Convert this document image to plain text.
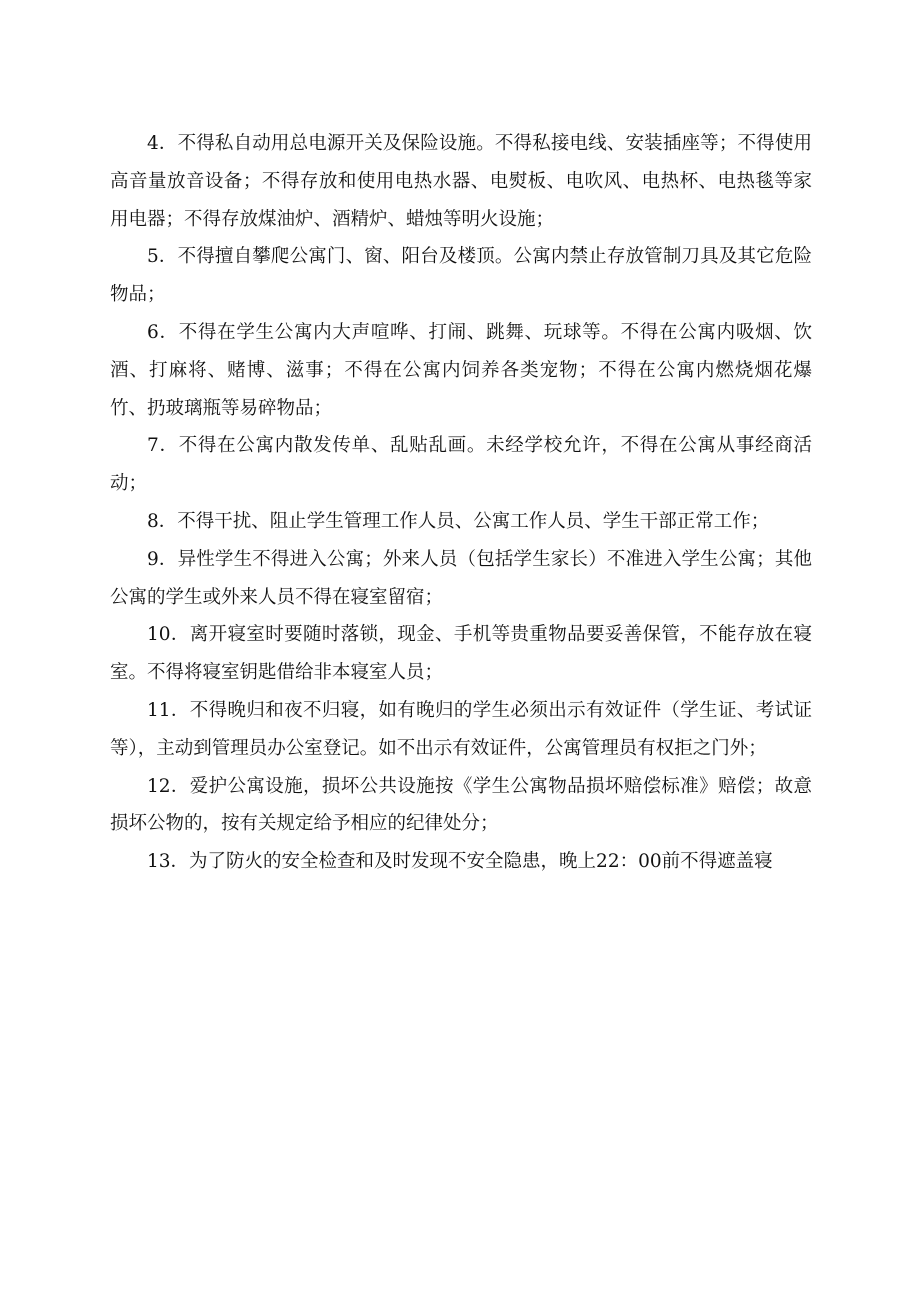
4．不得私自动用总电源开关及保险设施。不得私接电线、安装插座等；不得使用高音量放音设备；不得存放和使用电热水器、电熨板、电吹风、电热杯、电热毯等家用电器；不得存放煤油炉、酒精炉、蜡烛等明火设施；

5．不得擅自攀爬公寓门、窗、阳台及楼顶。公寓内禁止存放管制刀具及其它危险物品；

6．不得在学生公寓内大声喧哗、打闹、跳舞、玩球等。不得在公寓内吸烟、饮酒、打麻将、赌博、滋事；不得在公寓内饲养各类宠物；不得在公寓内燃烧烟花爆竹、扔玻璃瓶等易碎物品；

7．不得在公寓内散发传单、乱贴乱画。未经学校允许，不得在公寓从事经商活动；

8．不得干扰、阻止学生管理工作人员、公寓工作人员、学生干部正常工作；

9．异性学生不得进入公寓；外来人员（包括学生家长）不准进入学生公寓；其他公寓的学生或外来人员不得在寝室留宿；

10．离开寝室时要随时落锁，现金、手机等贵重物品要妥善保管，不能存放在寝室。不得将寝室钥匙借给非本寝室人员；

11．不得晚归和夜不归寝，如有晚归的学生必须出示有效证件（学生证、考试证等），主动到管理员办公室登记。如不出示有效证件，公寓管理员有权拒之门外；

12．爱护公寓设施，损坏公共设施按《学生公寓物品损坏赔偿标准》赔偿；故意损坏公物的，按有关规定给予相应的纪律处分；

13．为了防火的安全检查和及时发现不安全隐患，晚上22：00前不得遮盖寝
